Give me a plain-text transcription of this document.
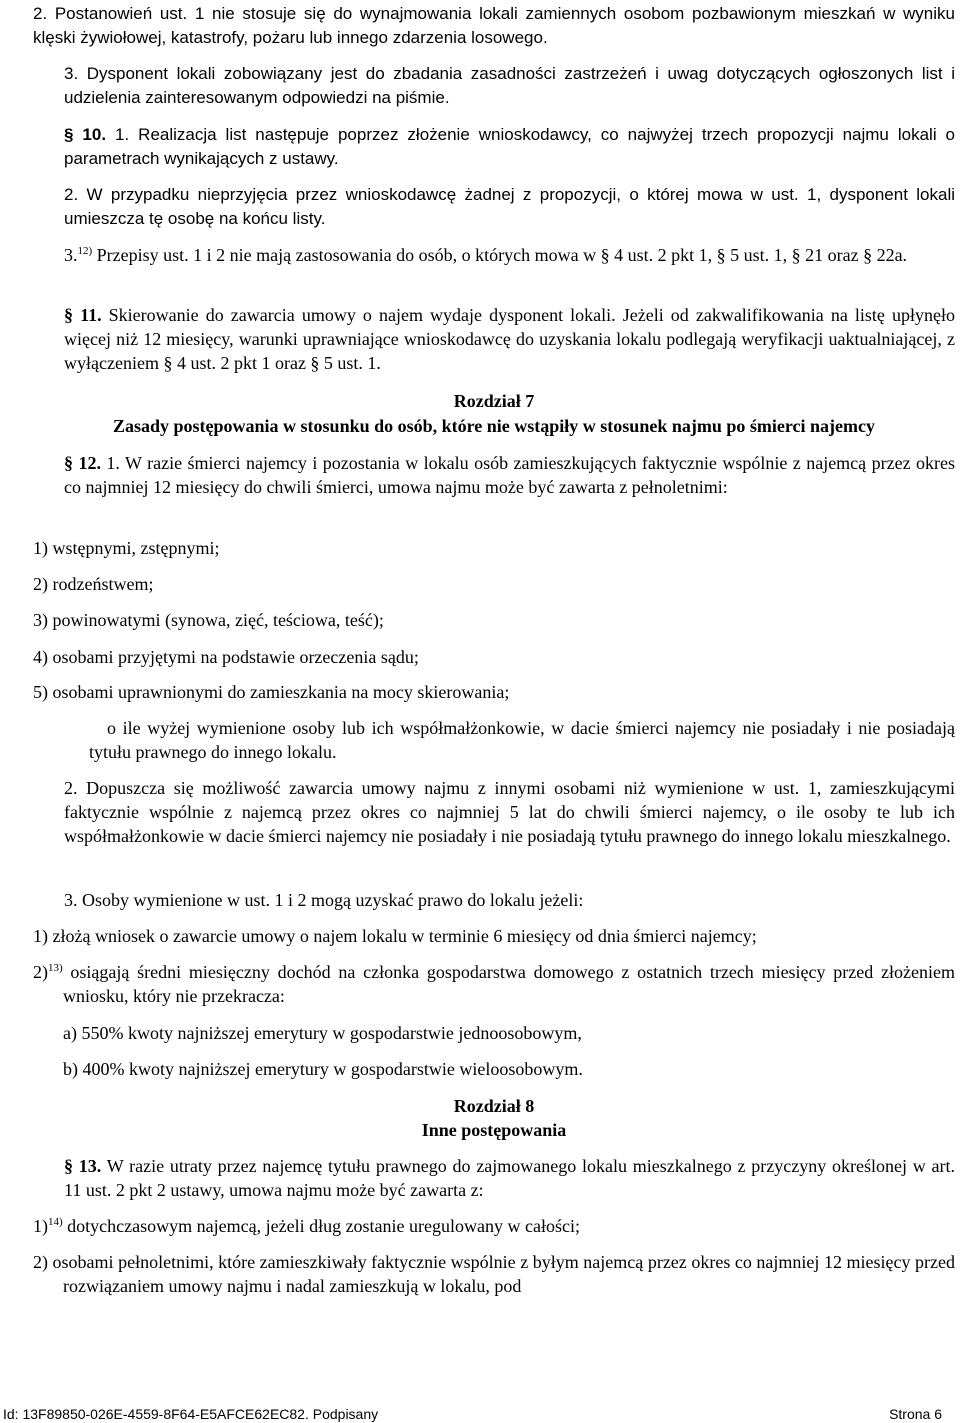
2. Postanowień ust. 1 nie stosuje się do wynajmowania lokali zamiennych osobom pozbawionym mieszkań w wyniku klęski żywiołowej, katastrofy, pożaru lub innego zdarzenia losowego.

3. Dysponent lokali zobowiązany jest do zbadania zasadności zastrzeżeń i uwag dotyczących ogłoszonych list i udzielenia zainteresowanym odpowiedzi na piśmie.

§ 10. 1. Realizacja list następuje poprzez złożenie wnioskodawcy, co najwyżej trzech propozycji najmu lokali o parametrach wynikających z ustawy.

2. W przypadku nieprzyjęcia przez wnioskodawcę żadnej z propozycji, o której mowa w ust. 1, dysponent lokali umieszcza tę osobę na końcu listy.

3.$^{12)}$ Przepisy ust. 1 i 2 nie mają zastosowania do osób, o których mowa w § 4 ust. 2 pkt 1, § 5 ust. 1, § 21 oraz § 22a.

§ 11. Skierowanie do zawarcia umowy o najem wydaje dysponent lokali. Jeżeli od zakwalifikowania na listę upłynęło więcej niż 12 miesięcy, warunki uprawniające wnioskodawcę do uzyskania lokalu podlegają weryfikacji uaktualniającej, z wyłączeniem § 4 ust. 2 pkt 1 oraz § 5 ust. 1.

Rozdział 7

Zasady postępowania w stosunku do osób, które nie wstąpiły w stosunek najmu po śmierci najemcy

§ 12. 1. W razie śmierci najemcy i pozostania w lokalu osób zamieszkujących faktycznie wspólnie z najemcą przez okres co najmniej 12 miesięcy do chwili śmierci, umowa najmu może być zawarta z pełnoletnimi:

1) wstępnymi, zstępnymi;

2) rodzeństwem;

3) powinowatymi (synowa, zięć, teściowa, teść);

4) osobami przyjętymi na podstawie orzeczenia sądu;

5) osobami uprawnionymi do zamieszkania na mocy skierowania;

o ile wyżej wymienione osoby lub ich współmałżonkowie, w dacie śmierci najemcy nie posiadały i nie posiadają tytułu prawnego do innego lokalu.

2. Dopuszcza się możliwość zawarcia umowy najmu z innymi osobami niż wymienione w ust. 1, zamieszkującymi faktycznie wspólnie z najemcą przez okres co najmniej 5 lat do chwili śmierci najemcy, o ile osoby te lub ich współmałżonkowie w dacie śmierci najemcy nie posiadały i nie posiadają tytułu prawnego do innego lokalu mieszkalnego.

3. Osoby wymienione w ust. 1 i 2 mogą uzyskać prawo do lokalu jeżeli:

1) złożą wniosek o zawarcie umowy o najem lokalu w terminie 6 miesięcy od dnia śmierci najemcy;

2)$^{13)}$ osiągają średni miesięczny dochód na członka gospodarstwa domowego z ostatnich trzech miesięcy przed złożeniem wniosku, który nie przekracza:

a) 550% kwoty najniższej emerytury w gospodarstwie jednoosobowym,

b) 400% kwoty najniższej emerytury w gospodarstwie wieloosobowym.

Rozdział 8

Inne postępowania

§ 13. W razie utraty przez najemcę tytułu prawnego do zajmowanego lokalu mieszkalnego z przyczyny określonej w art. 11 ust. 2 pkt 2 ustawy, umowa najmu może być zawarta z:

1)$^{14)}$ dotychczasowym najemcą, jeżeli dług zostanie uregulowany w całości;

2) osobami pełnoletnimi, które zamieszkiwały faktycznie wspólnie z byłym najemcą przez okres co najmniej 12 miesięcy przed rozwiązaniem umowy najmu i nadal zamieszkują w lokalu, pod

Id: 13F89850-026E-4559-8F64-E5AFCE62EC82. Podpisany	Strona 6
